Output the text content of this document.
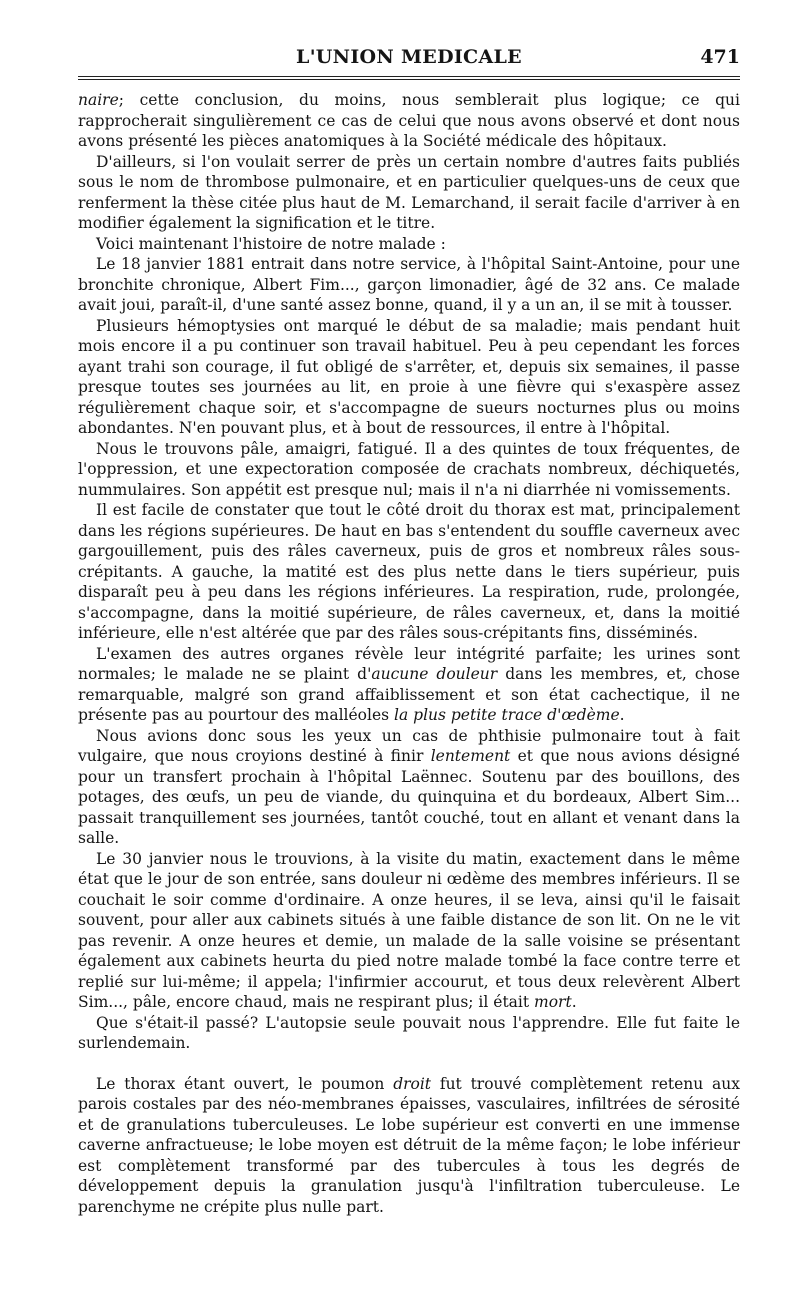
L'UNION MEDICALE	471

naire; cette conclusion, du moins, nous semblerait plus logique; ce qui rapprocherait singulièrement ce cas de celui que nous avons observé et dont nous avons présenté les pièces anatomiques à la Société médicale des hôpitaux.

D'ailleurs, si l'on voulait serrer de près un certain nombre d'autres faits publiés sous le nom de thrombose pulmonaire, et en particulier quelques-uns de ceux que renferment la thèse citée plus haut de M. Lemarchand, il serait facile d'arriver à en modifier également la signification et le titre.

Voici maintenant l'histoire de notre malade :

Le 18 janvier 1881 entrait dans notre service, à l'hôpital Saint-Antoine, pour une bronchite chronique, Albert Fim..., garçon limonadier, âgé de 32 ans. Ce malade avait joui, paraît-il, d'une santé assez bonne, quand, il y a un an, il se mit à tousser.

Plusieurs hémoptysies ont marqué le début de sa maladie; mais pendant huit mois encore il a pu continuer son travail habituel. Peu à peu cependant les forces ayant trahi son courage, il fut obligé de s'arrêter, et, depuis six semaines, il passe presque toutes ses journées au lit, en proie à une fièvre qui s'exaspère assez régulièrement chaque soir, et s'accompagne de sueurs nocturnes plus ou moins abondantes. N'en pouvant plus, et à bout de ressources, il entre à l'hôpital.

Nous le trouvons pâle, amaigri, fatigué. Il a des quintes de toux fréquentes, de l'oppression, et une expectoration composée de crachats nombreux, déchiquetés, nummulaires. Son appétit est presque nul; mais il n'a ni diarrhée ni vomissements.

Il est facile de constater que tout le côté droit du thorax est mat, principalement dans les régions supérieures. De haut en bas s'entendent du souffle caverneux avec gargouillement, puis des râles caverneux, puis de gros et nombreux râles sous-crépitants. A gauche, la matité est des plus nette dans le tiers supérieur, puis disparaît peu à peu dans les régions inférieures. La respiration, rude, prolongée, s'accompagne, dans la moitié supérieure, de râles caverneux, et, dans la moitié inférieure, elle n'est altérée que par des râles sous-crépitants fins, disséminés.

L'examen des autres organes révèle leur intégrité parfaite; les urines sont normales; le malade ne se plaint d'aucune douleur dans les membres, et, chose remarquable, malgré son grand affaiblissement et son état cachectique, il ne présente pas au pourtour des malléoles la plus petite trace d'œdème.

Nous avions donc sous les yeux un cas de phthisie pulmonaire tout à fait vulgaire, que nous croyions destiné à finir lentement et que nous avions désigné pour un transfert prochain à l'hôpital Laënnec. Soutenu par des bouillons, des potages, des œufs, un peu de viande, du quinquina et du bordeaux, Albert Sim... passait tranquillement ses journées, tantôt couché, tout en allant et venant dans la salle.

Le 30 janvier nous le trouvions, à la visite du matin, exactement dans le même état que le jour de son entrée, sans douleur ni œdème des membres inférieurs. Il se couchait le soir comme d'ordinaire. A onze heures, il se leva, ainsi qu'il le faisait souvent, pour aller aux cabinets situés à une faible distance de son lit. On ne le vit pas revenir. A onze heures et demie, un malade de la salle voisine se présentant également aux cabinets heurta du pied notre malade tombé la face contre terre et replié sur lui-même; il appela; l'infirmier accourut, et tous deux relevèrent Albert Sim..., pâle, encore chaud, mais ne respirant plus; il était mort.

Que s'était-il passé? L'autopsie seule pouvait nous l'apprendre. Elle fut faite le surlendemain.

Le thorax étant ouvert, le poumon droit fut trouvé complètement retenu aux parois costales par des néo-membranes épaisses, vasculaires, infiltrées de sérosité et de granulations tuberculeuses. Le lobe supérieur est converti en une immense caverne anfractueuse; le lobe moyen est détruit de la même façon; le lobe inférieur est complètement transformé par des tubercules à tous les degrés de développement depuis la granulation jusqu'à l'infiltration tuberculeuse. Le parenchyme ne crépite plus nulle part.
